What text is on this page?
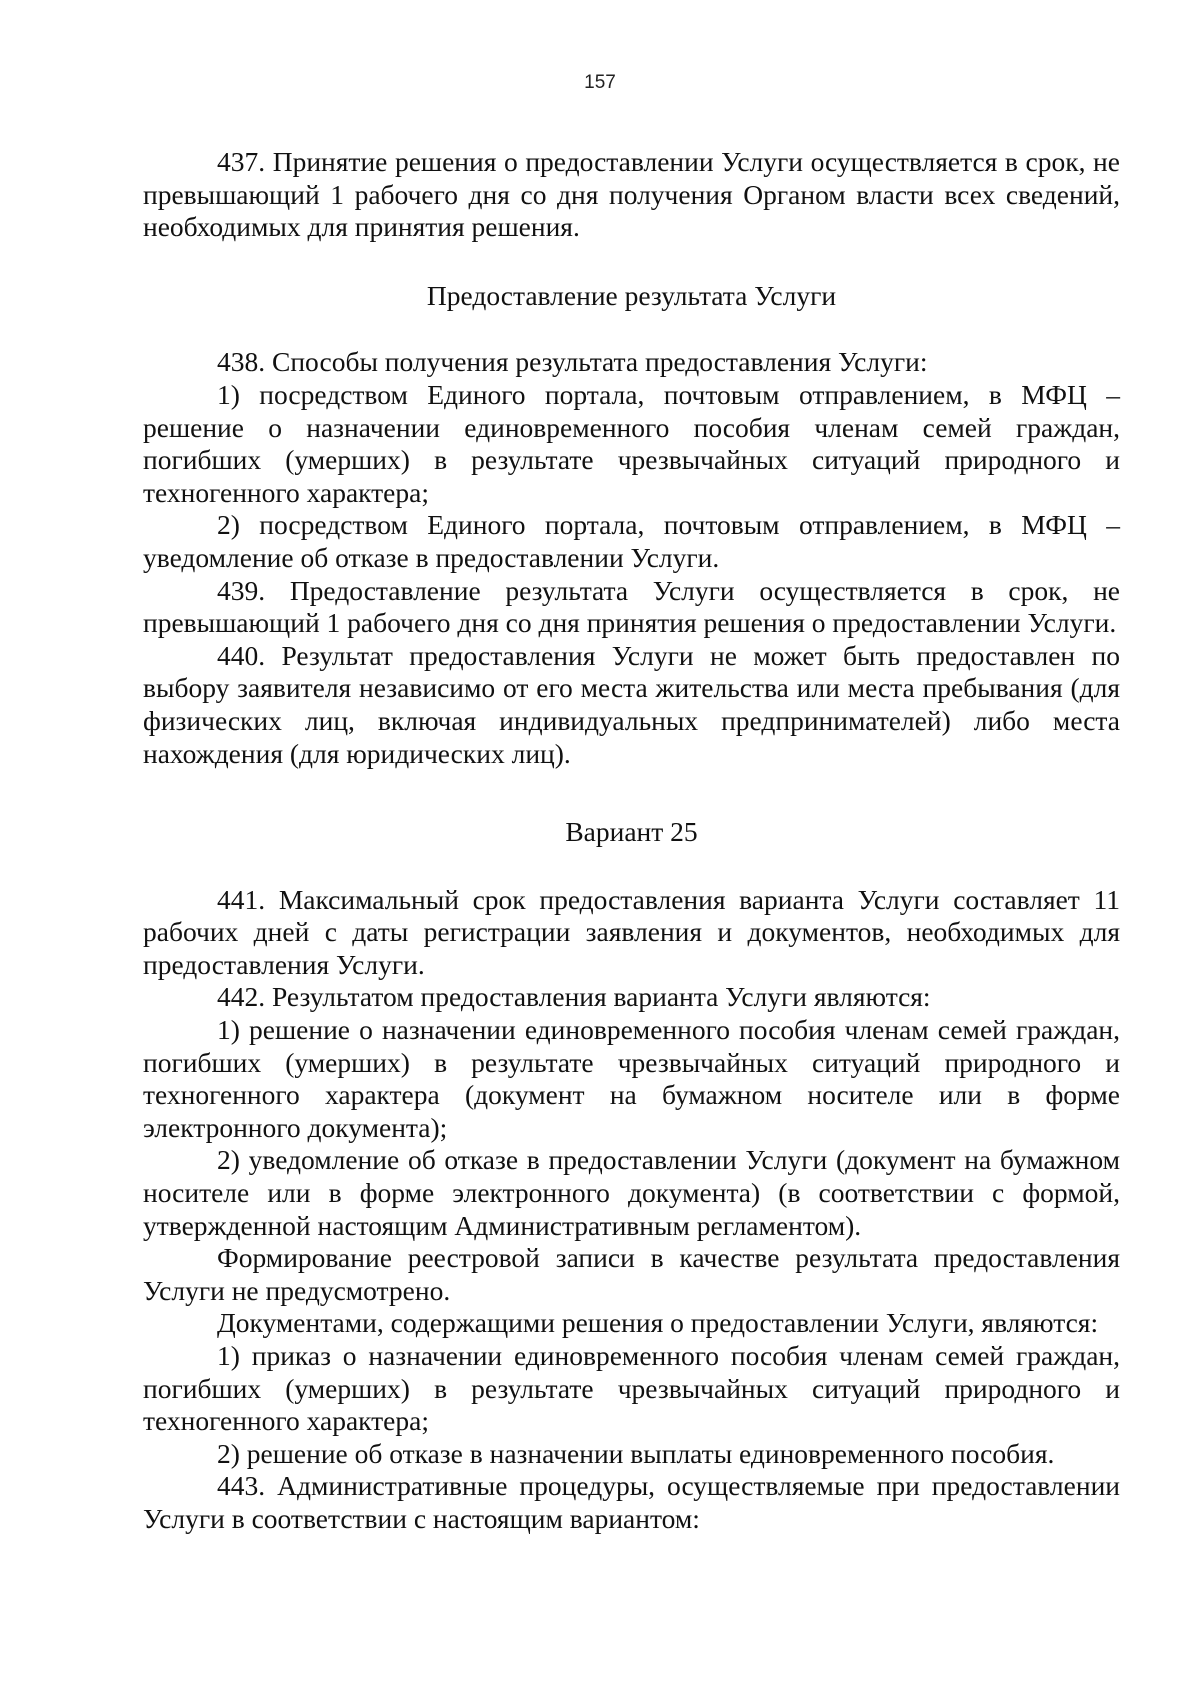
157

437. Принятие решения о предоставлении Услуги осуществляется в срок, не превышающий 1 рабочего дня со дня получения Органом власти всех сведений, необходимых для принятия решения.

Предоставление результата Услуги

438. Способы получения результата предоставления Услуги:

1) посредством Единого портала, почтовым отправлением, в МФЦ – решение о назначении единовременного пособия членам семей граждан, погибших (умерших) в результате чрезвычайных ситуаций природного и техногенного характера;

2) посредством Единого портала, почтовым отправлением, в МФЦ – уведомление об отказе в предоставлении Услуги.

439. Предоставление результата Услуги осуществляется в срок, не превышающий 1 рабочего дня со дня принятия решения о предоставлении Услуги.

440. Результат предоставления Услуги не может быть предоставлен по выбору заявителя независимо от его места жительства или места пребывания (для физических лиц, включая индивидуальных предпринимателей) либо места нахождения (для юридических лиц).

Вариант 25

441. Максимальный срок предоставления варианта Услуги составляет 11 рабочих дней с даты регистрации заявления и документов, необходимых для предоставления Услуги.

442. Результатом предоставления варианта Услуги являются:

1) решение о назначении единовременного пособия членам семей граждан, погибших (умерших) в результате чрезвычайных ситуаций природного и техногенного характера (документ на бумажном носителе или в форме электронного документа);

2) уведомление об отказе в предоставлении Услуги (документ на бумажном носителе или в форме электронного документа) (в соответствии с формой, утвержденной настоящим Административным регламентом).

Формирование реестровой записи в качестве результата предоставления Услуги не предусмотрено.

Документами, содержащими решения о предоставлении Услуги, являются:

1) приказ о назначении единовременного пособия членам семей граждан, погибших (умерших) в результате чрезвычайных ситуаций природного и техногенного характера;

2) решение об отказе в назначении выплаты единовременного пособия.

443. Административные процедуры, осуществляемые при предоставлении Услуги в соответствии с настоящим вариантом:
